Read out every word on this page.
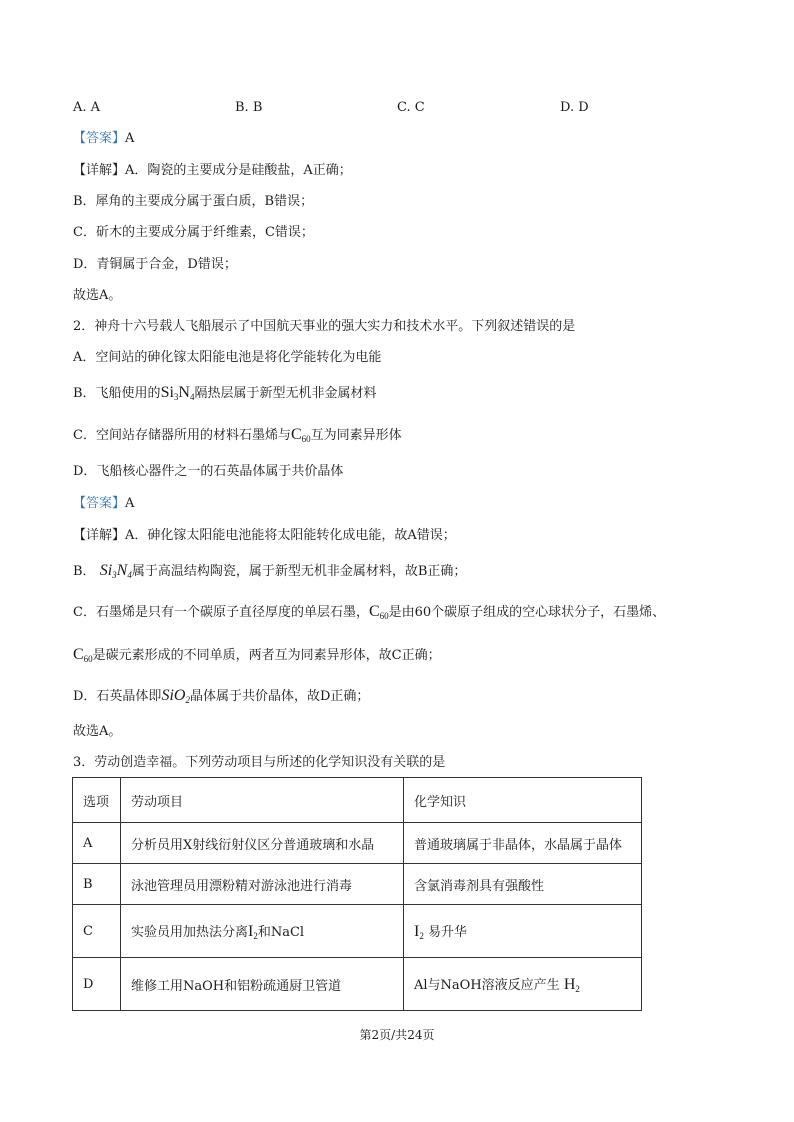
A. A	B. B	C. C	D. D
【答案】A
【详解】A．陶瓷的主要成分是硅酸盐，A正确；
B．犀角的主要成分属于蛋白质，B错误；
C．斫木的主要成分属于纤维素，C错误；
D．青铜属于合金，D错误；
故选A。
2．神舟十六号载人飞船展示了中国航天事业的强大实力和技术水平。下列叙述错误的是
A．空间站的砷化镓太阳能电池是将化学能转化为电能
B．飞船使用的$Si_3N_4$隔热层属于新型无机非金属材料
C．空间站存储器所用的材料石墨烯与$C_{60}$互为同素异形体
D．飞船核心器件之一的石英晶体属于共价晶体
【答案】A
【详解】A．砷化镓太阳能电池能将太阳能转化成电能，故A错误；
B． $Si_3N_4$属于高温结构陶瓷，属于新型无机非金属材料，故B正确；
C．石墨烯是只有一个碳原子直径厚度的单层石墨，$C_{60}$是由60个碳原子组成的空心球状分子，石墨烯、
$C_{60}$是碳元素形成的不同单质，两者互为同素异形体，故C正确；
D．石英晶体即SiO$_2$晶体属于共价晶体，故D正确；
故选A。
3．劳动创造幸福。下列劳动项目与所述的化学知识没有关联的是
选项	劳动项目	化学知识
A	分析员用X射线衍射仪区分普通玻璃和水晶	普通玻璃属于非晶体，水晶属于晶体
B	泳池管理员用漂粉精对游泳池进行消毒	含氯消毒剂具有强酸性
C	实验员用加热法分离$I_2$和NaCl	$I_2$ 易升华
D	维修工用NaOH和铝粉疏通厨卫管道	Al与NaOH溶液反应产生 $H_2$
第2页/共24页
